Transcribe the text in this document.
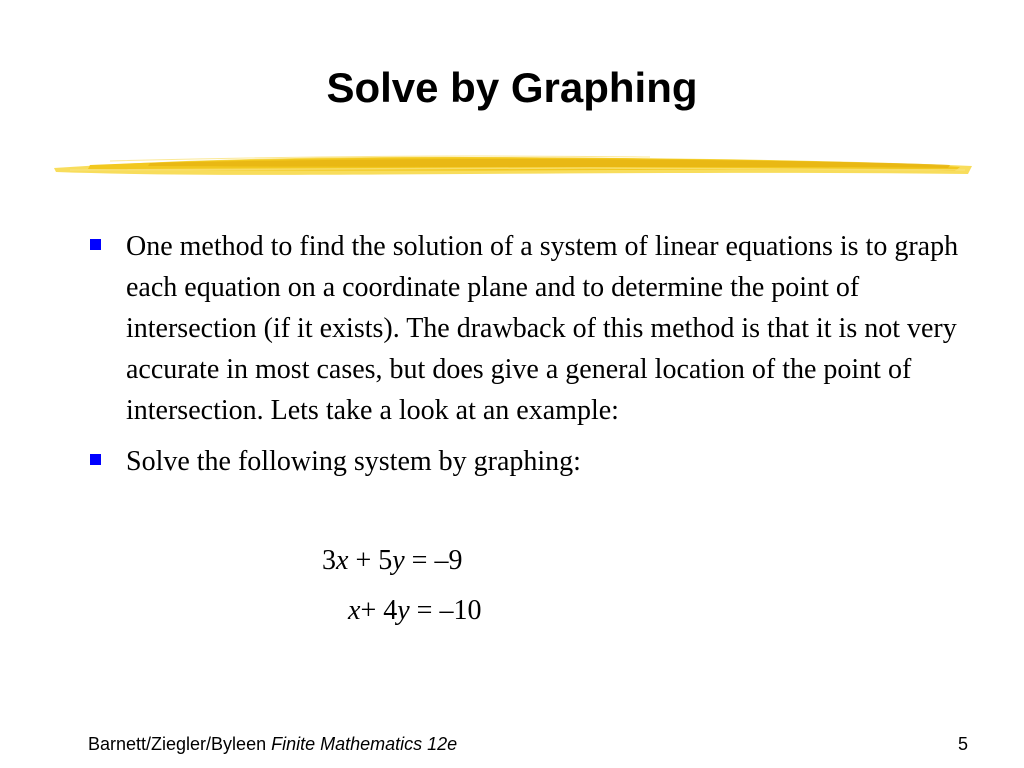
Solve by Graphing
One method to find the solution of a system of linear equations is to graph each equation on a coordinate plane and to determine the point of intersection (if it exists). The drawback of this method is that it is not very accurate in most cases, but does give a general location of the point of intersection. Lets take a look at an example:
Solve the following system by graphing:
3x + 5y = –9
x+ 4y = –10
Barnett/Ziegler/Byleen Finite Mathematics 12e	5
